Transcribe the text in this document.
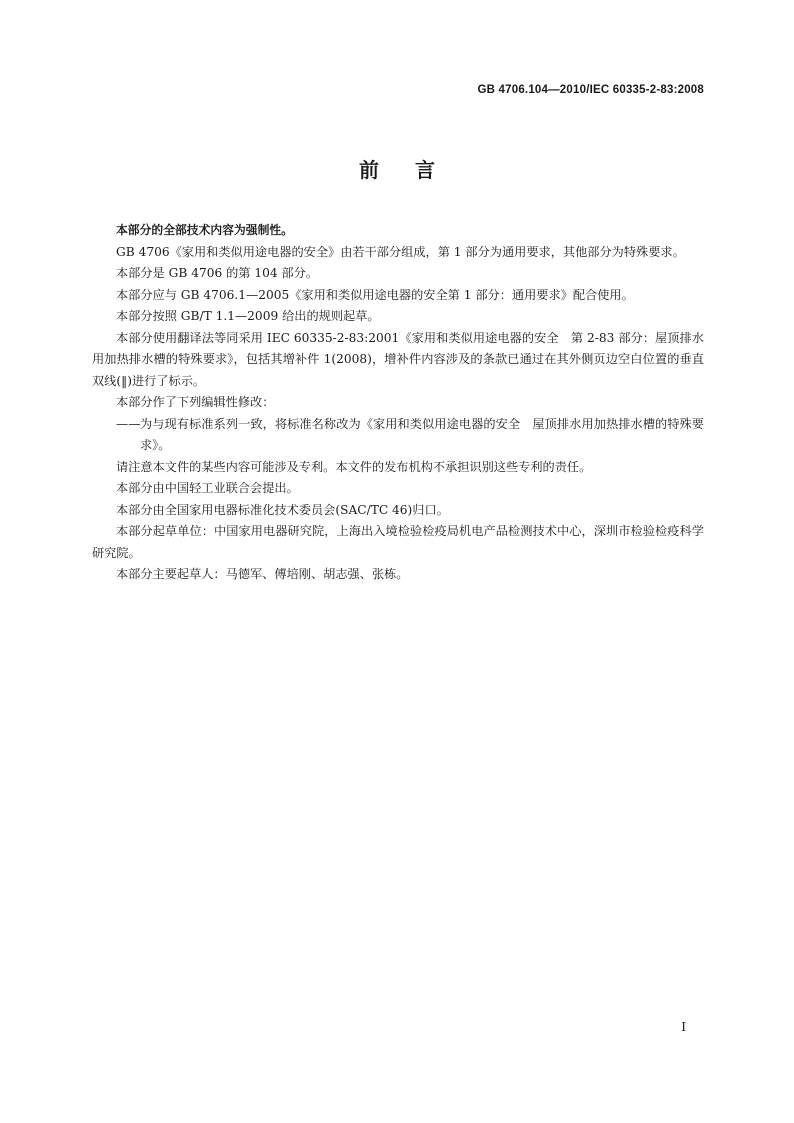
GB 4706.104—2010/IEC 60335-2-83:2008
前言

本部分的全部技术内容为强制性。

GB 4706《家用和类似用途电器的安全》由若干部分组成，第 1 部分为通用要求，其他部分为特殊要求。

本部分是 GB 4706 的第 104 部分。

本部分应与 GB 4706.1—2005《家用和类似用途电器的安全第 1 部分：通用要求》配合使用。

本部分按照 GB/T 1.1—2009 给出的规则起草。

本部分使用翻译法等同采用 IEC 60335-2-83:2001《家用和类似用途电器的安全　第 2-83 部分：屋顶排水用加热排水槽的特殊要求》，包括其增补件 1(2008)，增补件内容涉及的条款已通过在其外侧页边空白位置的垂直双线(‖)进行了标示。

本部分作了下列编辑性修改：

—— 为与现有标准系列一致，将标准名称改为《家用和类似用途电器的安全　屋顶排水用加热排水槽的特殊要求》。

请注意本文件的某些内容可能涉及专利。本文件的发布机构不承担识别这些专利的责任。

本部分由中国轻工业联合会提出。

本部分由全国家用电器标准化技术委员会(SAC/TC 46)归口。

本部分起草单位：中国家用电器研究院，上海出入境检验检疫局机电产品检测技术中心，深圳市检验检疫科学研究院。

本部分主要起草人：马德军、傅培刚、胡志强、张栋。

I
